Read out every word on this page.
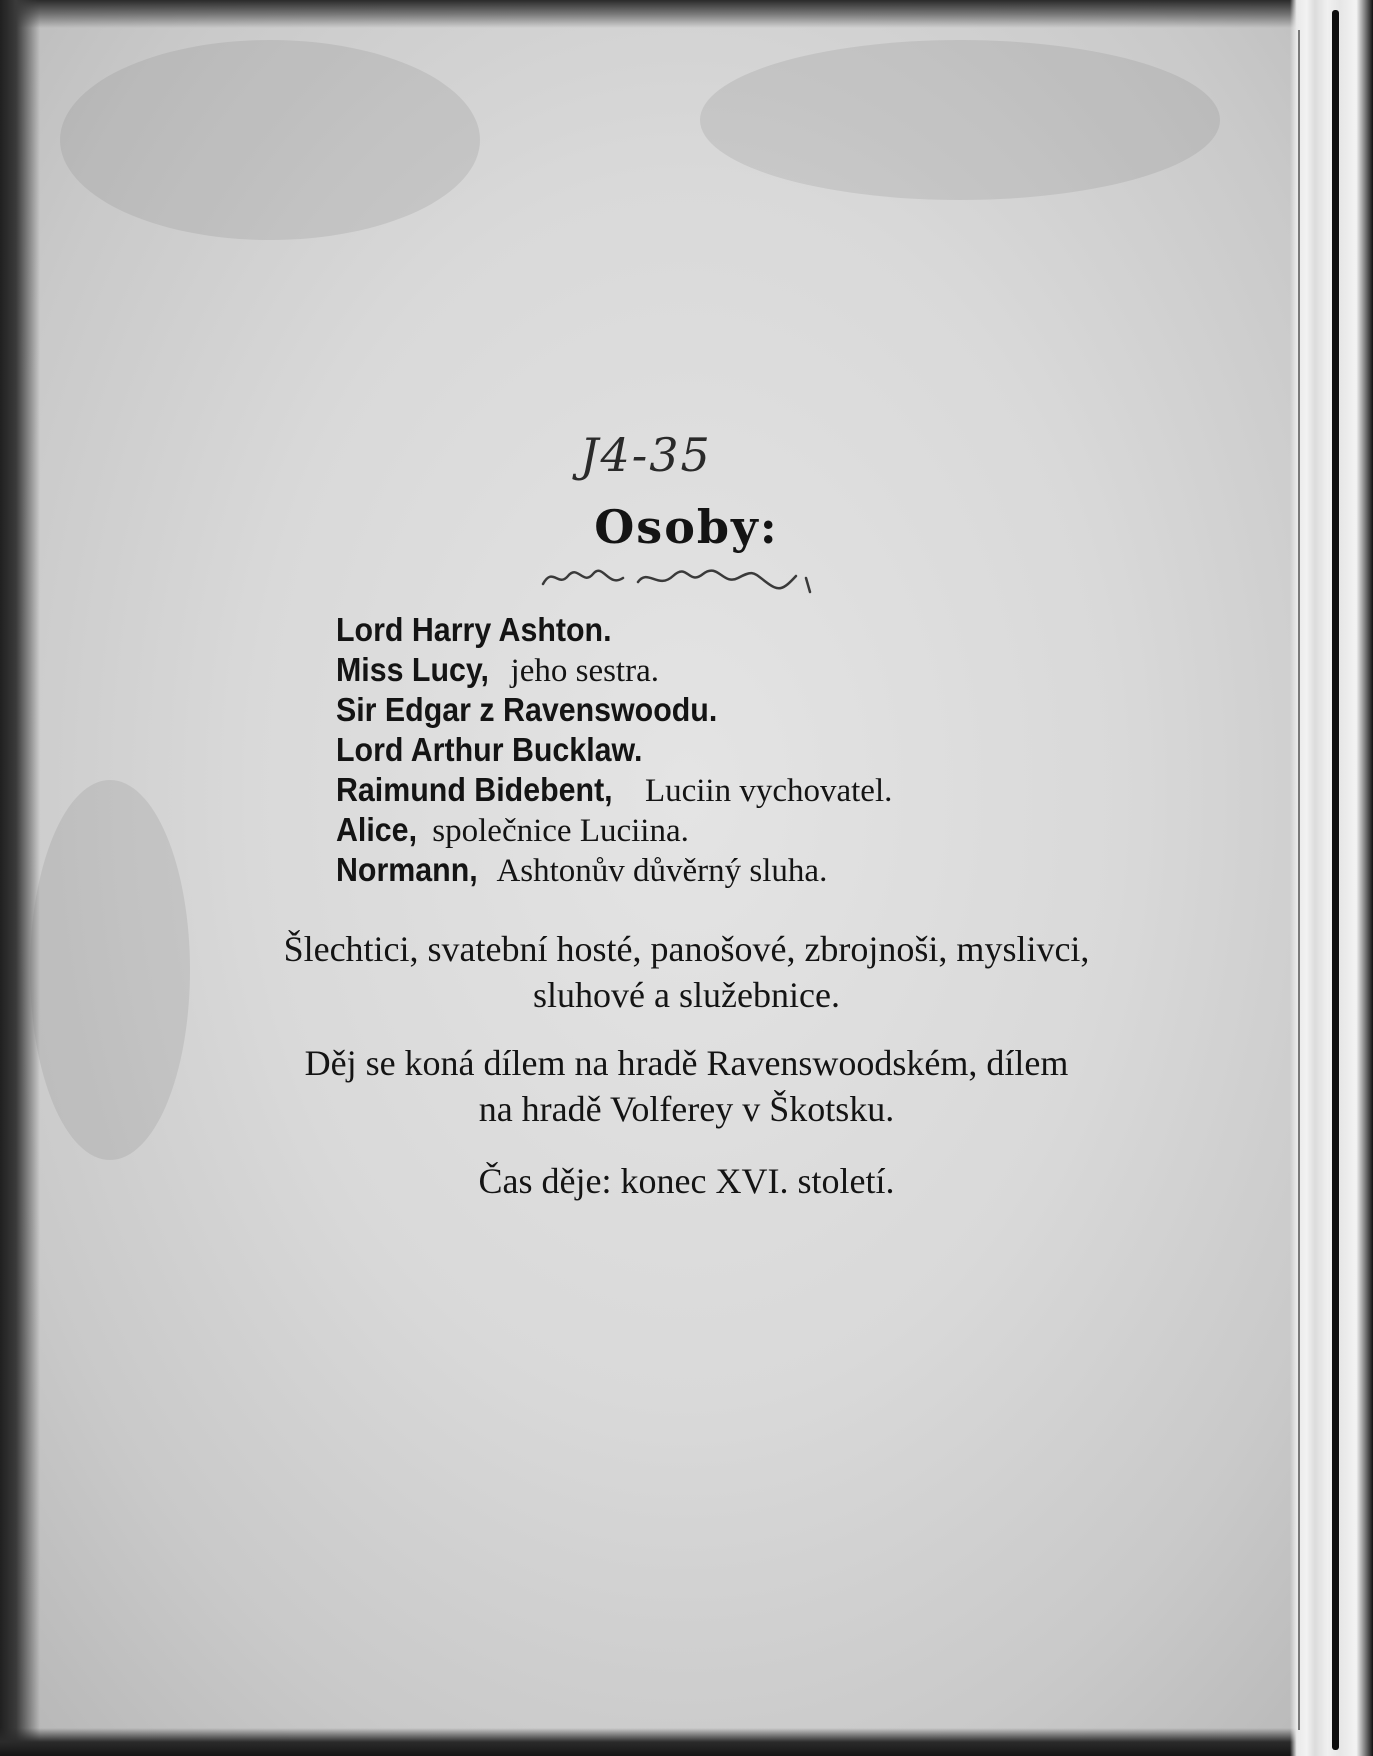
J4-35
Osoby:
Lord Harry Ashton.
Miss Lucy, jeho sestra.
Sir Edgar z Ravenswoodu.
Lord Arthur Bucklaw.
Raimund Bidebent, Luciin vychovatel.
Alice, společnice Luciina.
Normann, Ashtonův důvěrný sluha.
Šlechtici, svatební hosté, panošové, zbrojnoši, myslivci,
sluhové a služebnice.
Děj se koná dílem na hradě Ravenswoodském, dílem
na hradě Volferey v Škotsku.
Čas děje: konec XVI. století.
